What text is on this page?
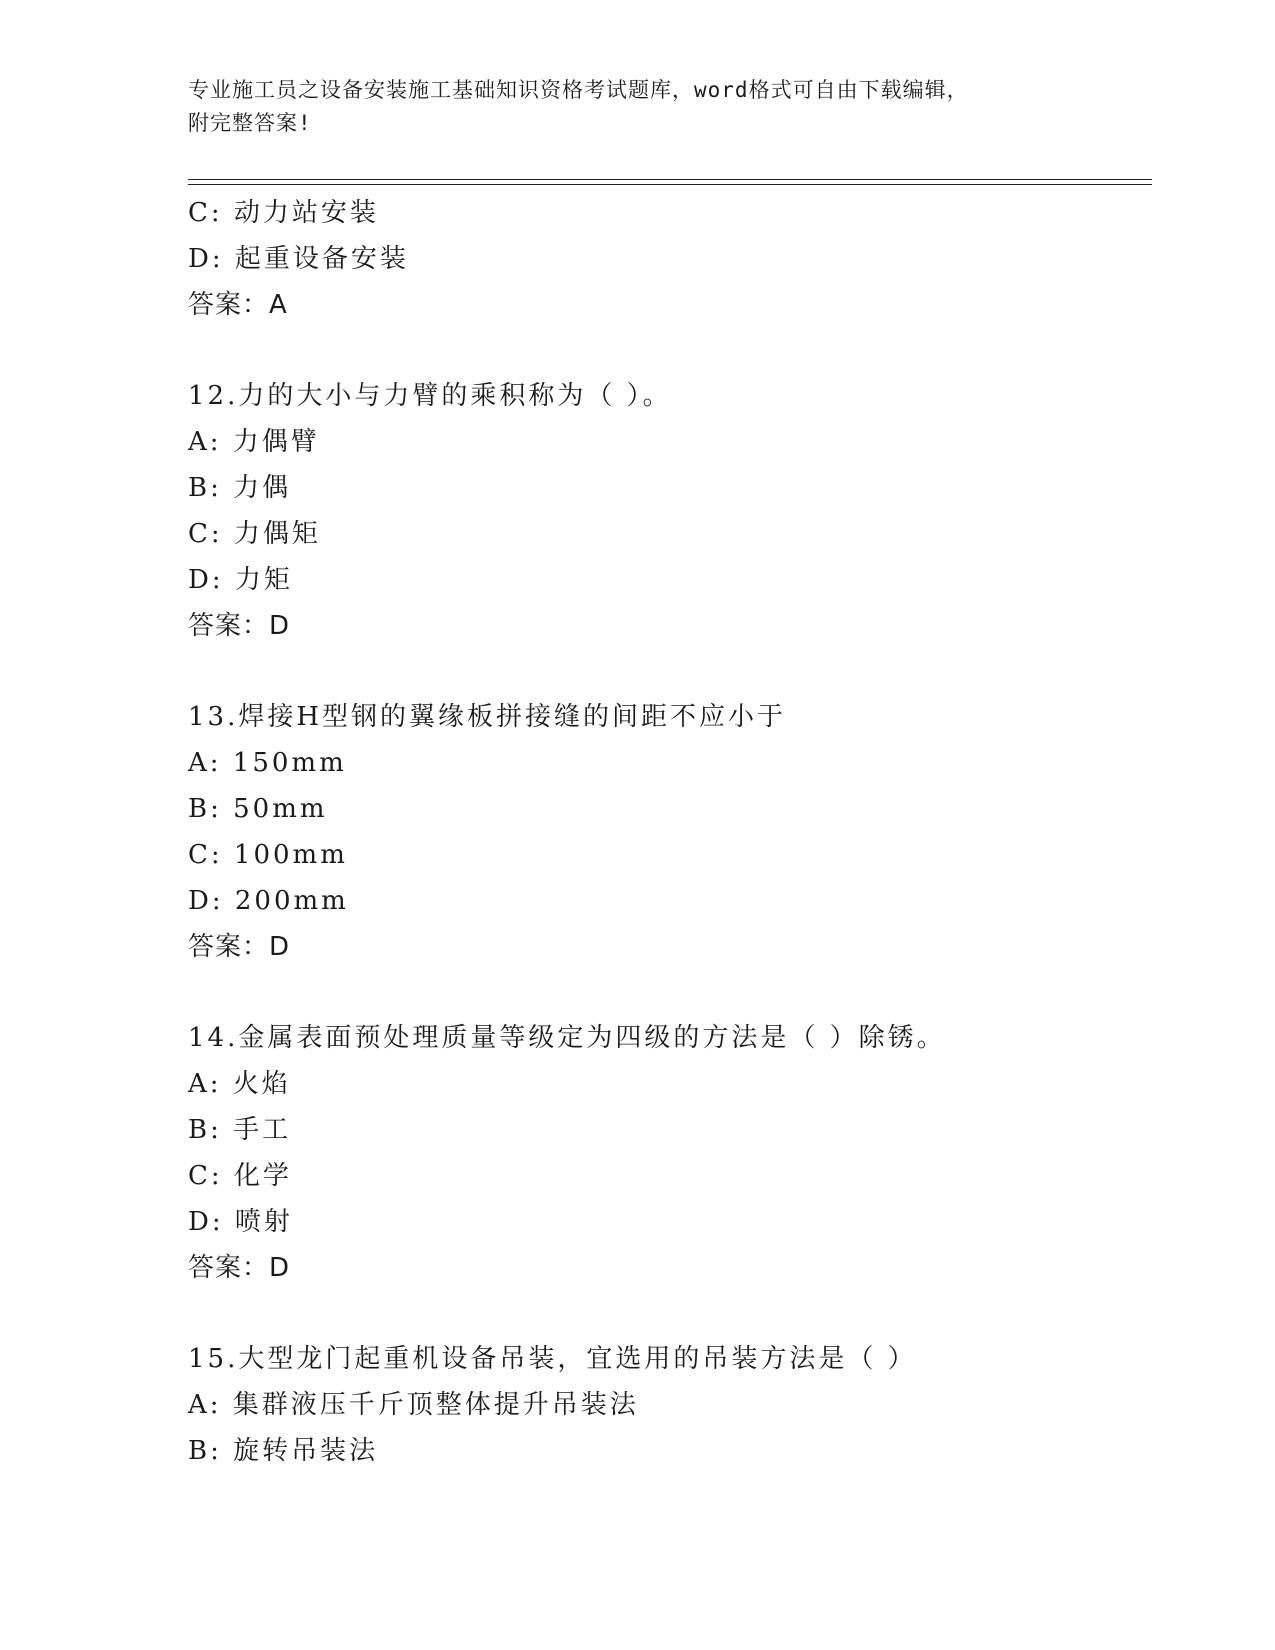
专业施工员之设备安装施工基础知识资格考试题库，word格式可自由下载编辑，
附完整答案!
C: 动力站安装
D: 起重设备安装
答案：A
12.力的大小与力臂的乘积称为（ ）。
A: 力偶臂
B: 力偶
C: 力偶矩
D: 力矩
答案：D
13.焊接H型钢的翼缘板拼接缝的间距不应小于
A: 150mm
B: 50mm
C: 100mm
D: 200mm
答案：D
14.金属表面预处理质量等级定为四级的方法是（ ）除锈。
A: 火焰
B: 手工
C: 化学
D: 喷射
答案：D
15.大型龙门起重机设备吊装，宜选用的吊装方法是（ ）
A: 集群液压千斤顶整体提升吊装法
B: 旋转吊装法
